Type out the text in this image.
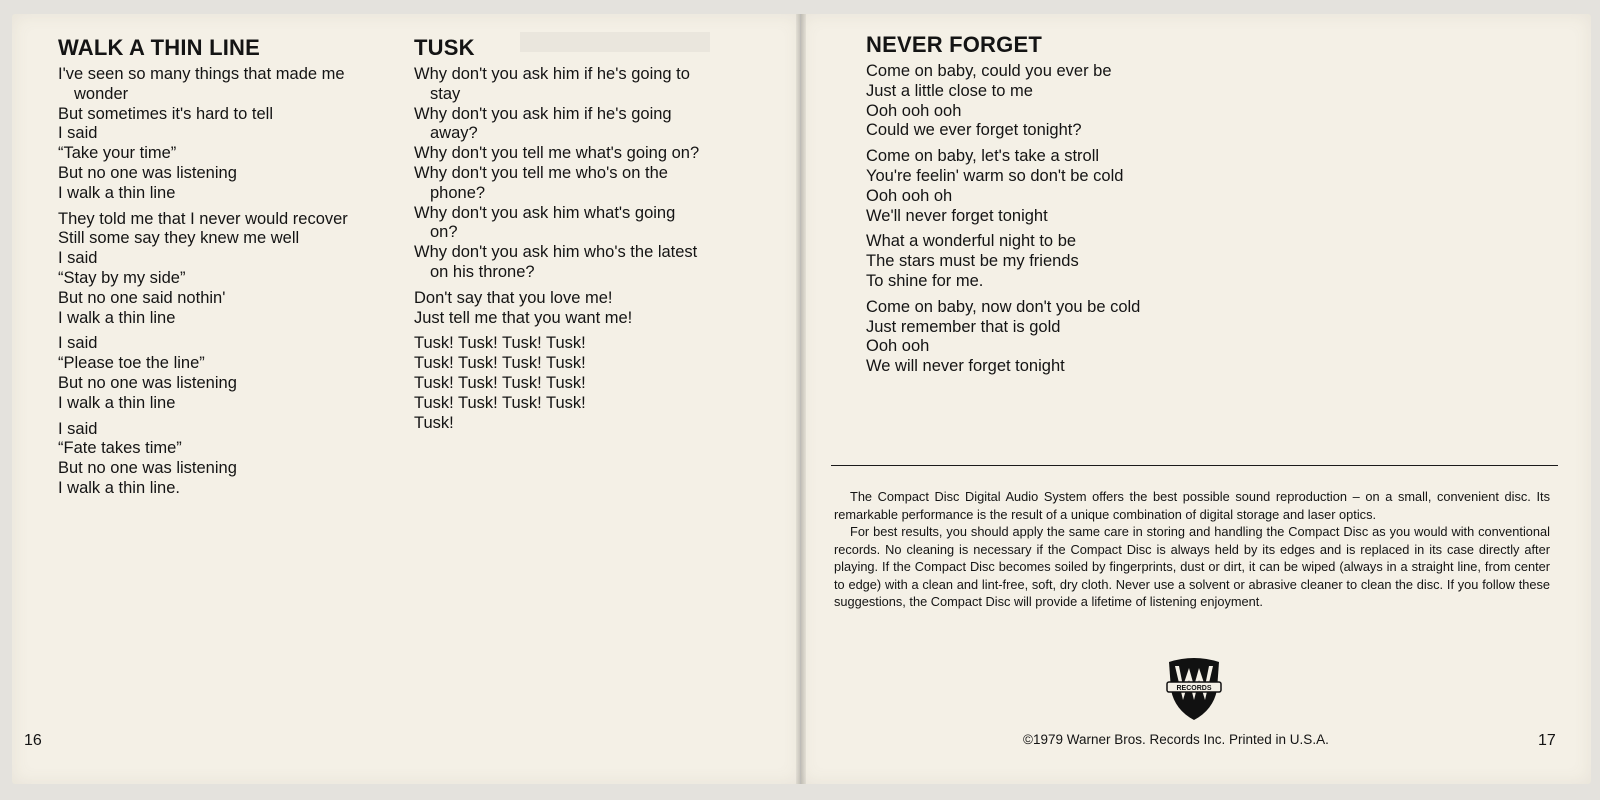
WALK A THIN LINE
I've seen so many things that made me wonder
But sometimes it's hard to tell
I said
“Take your time”
But no one was listening
I walk a thin line
They told me that I never would recover
Still some say they knew me well
I said
“Stay by my side”
But no one said nothin'
I walk a thin line
I said
“Please toe the line”
But no one was listening
I walk a thin line
I said
“Fate takes time”
But no one was listening
I walk a thin line.
TUSK
Why don't you ask him if he's going to stay
Why don't you ask him if he's going away?
Why don't you tell me what's going on?
Why don't you tell me who's on the phone?
Why don't you ask him what's going on?
Why don't you ask him who's the latest on his throne?
Don't say that you love me!
Just tell me that you want me!
Tusk! Tusk! Tusk! Tusk!
Tusk! Tusk! Tusk! Tusk!
Tusk! Tusk! Tusk! Tusk!
Tusk! Tusk! Tusk! Tusk!
Tusk!
16
NEVER FORGET
Come on baby, could you ever be
Just a little close to me
Ooh ooh ooh
Could we ever forget tonight?
Come on baby, let's take a stroll
You're feelin' warm so don't be cold
Ooh ooh oh
We'll never forget tonight
What a wonderful night to be
The stars must be my friends
To shine for me.
Come on baby, now don't you be cold
Just remember that is gold
Ooh ooh
We will never forget tonight

The Compact Disc Digital Audio System offers the best possible sound reproduction – on a small, convenient disc. Its remarkable performance is the result of a unique combination of digital storage and laser optics.

For best results, you should apply the same care in storing and handling the Compact Disc as you would with conventional records. No cleaning is necessary if the Compact Disc is always held by its edges and is replaced in its case directly after playing. If the Compact Disc becomes soiled by fingerprints, dust or dirt, it can be wiped (always in a straight line, from center to edge) with a clean and lint-free, soft, dry cloth. Never use a solvent or abrasive cleaner to clean the disc. If you follow these suggestions, the Compact Disc will provide a lifetime of listening enjoyment.

RECORDS
©1979 Warner Bros. Records Inc. Printed in U.S.A.	17
